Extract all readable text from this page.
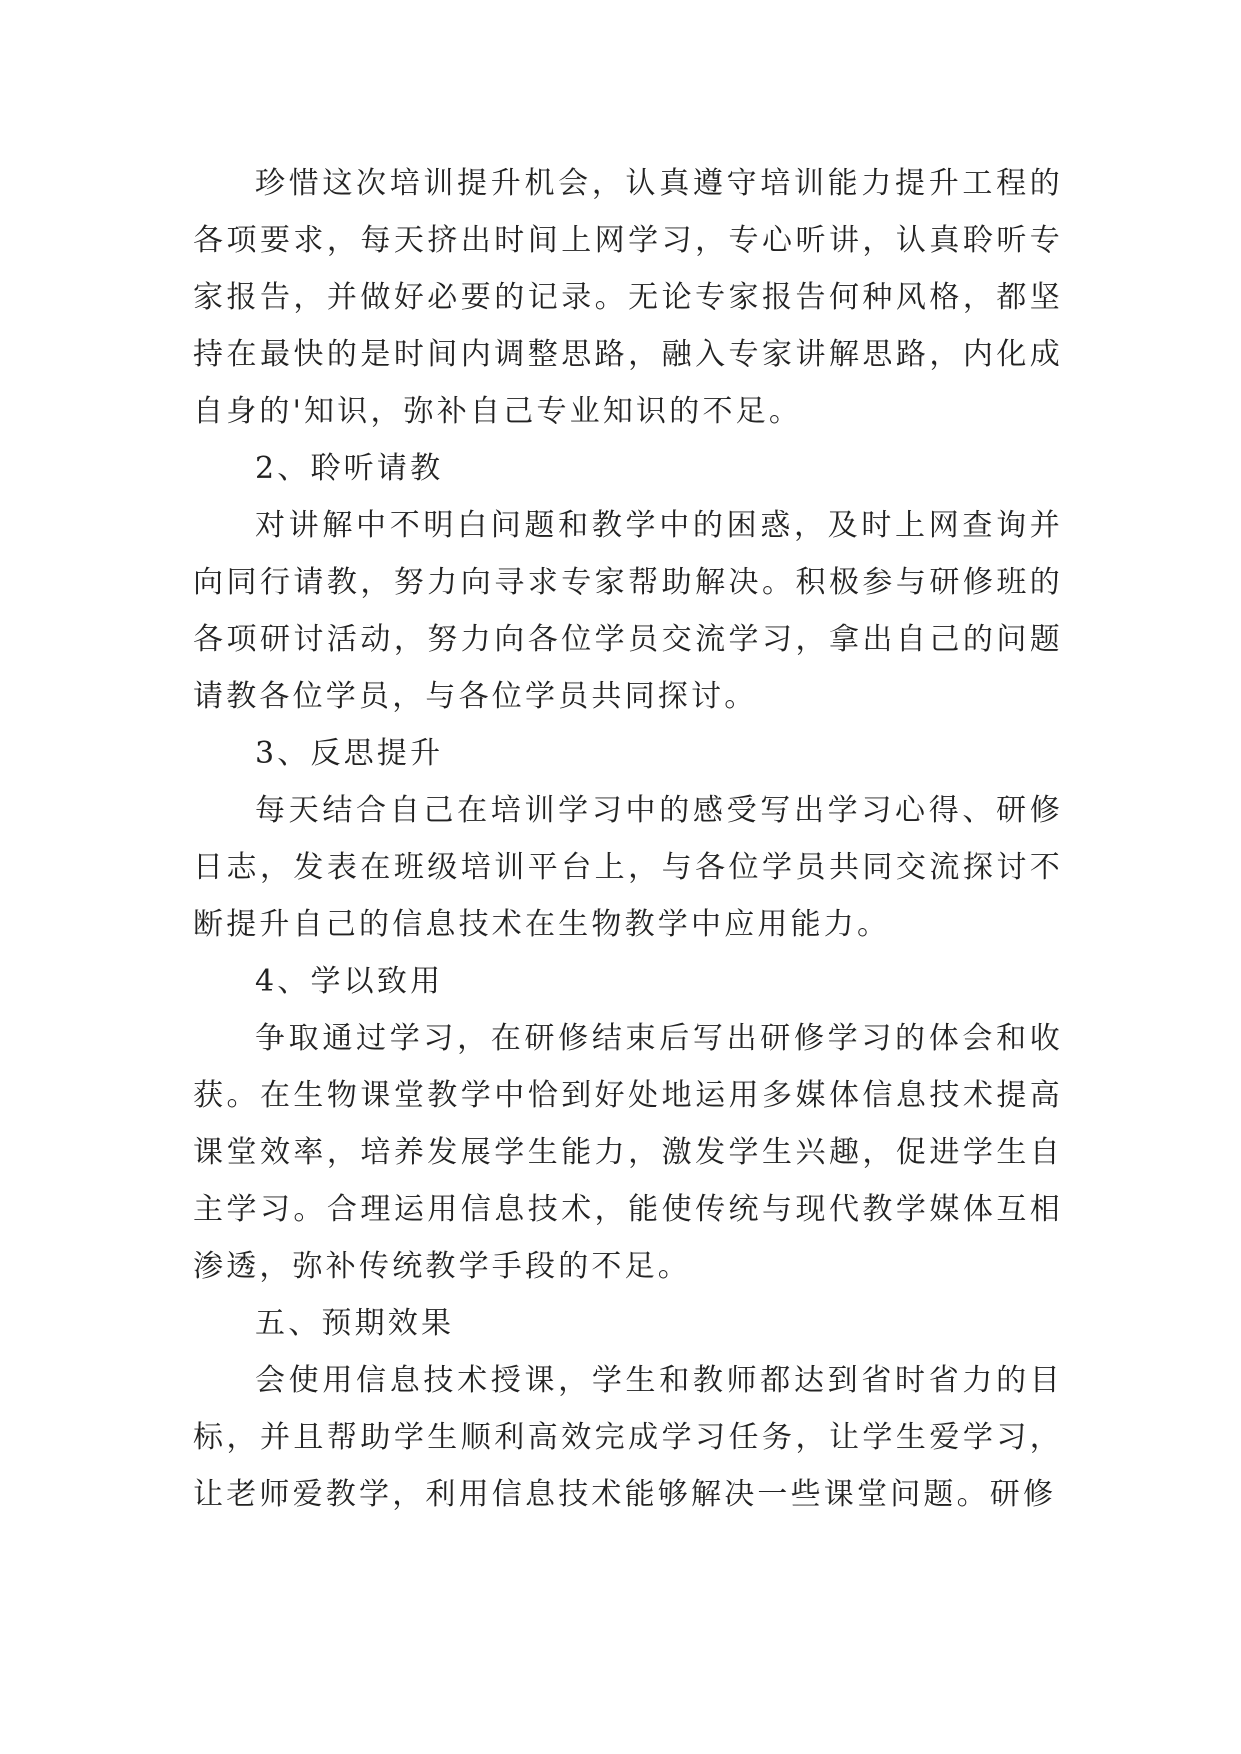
珍惜这次培训提升机会，认真遵守培训能力提升工程的各项要求，每天挤出时间上网学习，专心听讲，认真聆听专家报告，并做好必要的记录。无论专家报告何种风格，都坚持在最快的是时间内调整思路，融入专家讲解思路，内化成自身的'知识，弥补自己专业知识的不足。

2、聆听请教

对讲解中不明白问题和教学中的困惑，及时上网查询并向同行请教，努力向寻求专家帮助解决。积极参与研修班的各项研讨活动，努力向各位学员交流学习，拿出自己的问题请教各位学员，与各位学员共同探讨。

3、反思提升

每天结合自己在培训学习中的感受写出学习心得、研修日志，发表在班级培训平台上，与各位学员共同交流探讨不断提升自己的信息技术在生物教学中应用能力。

4、学以致用

争取通过学习，在研修结束后写出研修学习的体会和收获。在生物课堂教学中恰到好处地运用多媒体信息技术提高课堂效率，培养发展学生能力，激发学生兴趣，促进学生自主学习。合理运用信息技术，能使传统与现代教学媒体互相渗透，弥补传统教学手段的不足。

五、预期效果

会使用信息技术授课，学生和教师都达到省时省力的目标，并且帮助学生顺利高效完成学习任务，让学生爱学习，让老师爱教学，利用信息技术能够解决一些课堂问题。研修
